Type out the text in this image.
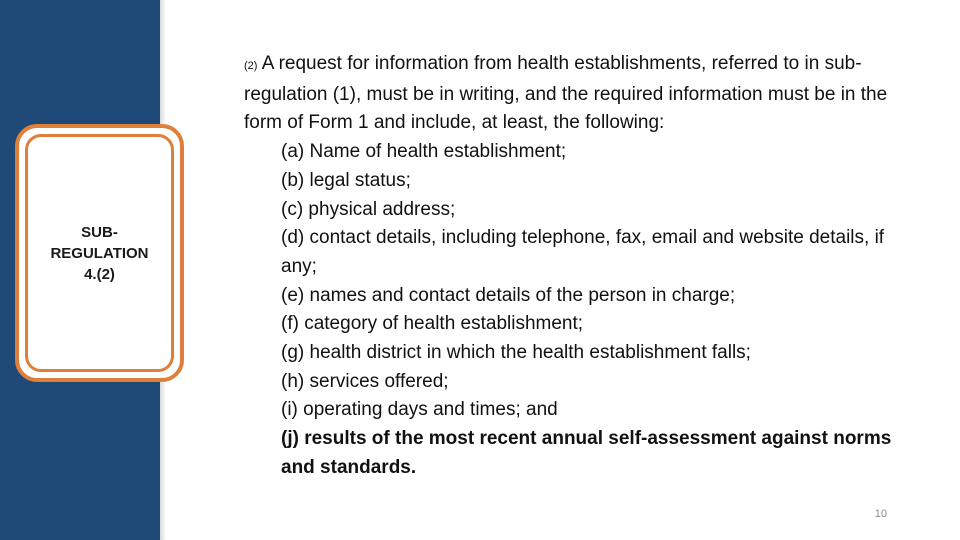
SUB-
REGULATION
4.(2)

(2) A request for information from health establishments, referred to in sub-regulation (1), must be in writing, and the required information must be in the form of Form 1 and include, at least, the following:

(a) Name of health establishment;

(b) legal status;

(c) physical address;

(d) contact details, including telephone, fax, email and website details, if any;

(e) names and contact details of the person in charge;

(f) category of health establishment;

(g) health district in which the health establishment falls;

(h) services offered;

(i) operating days and times; and

(j) results of the most recent annual self-assessment against norms and standards.

10
